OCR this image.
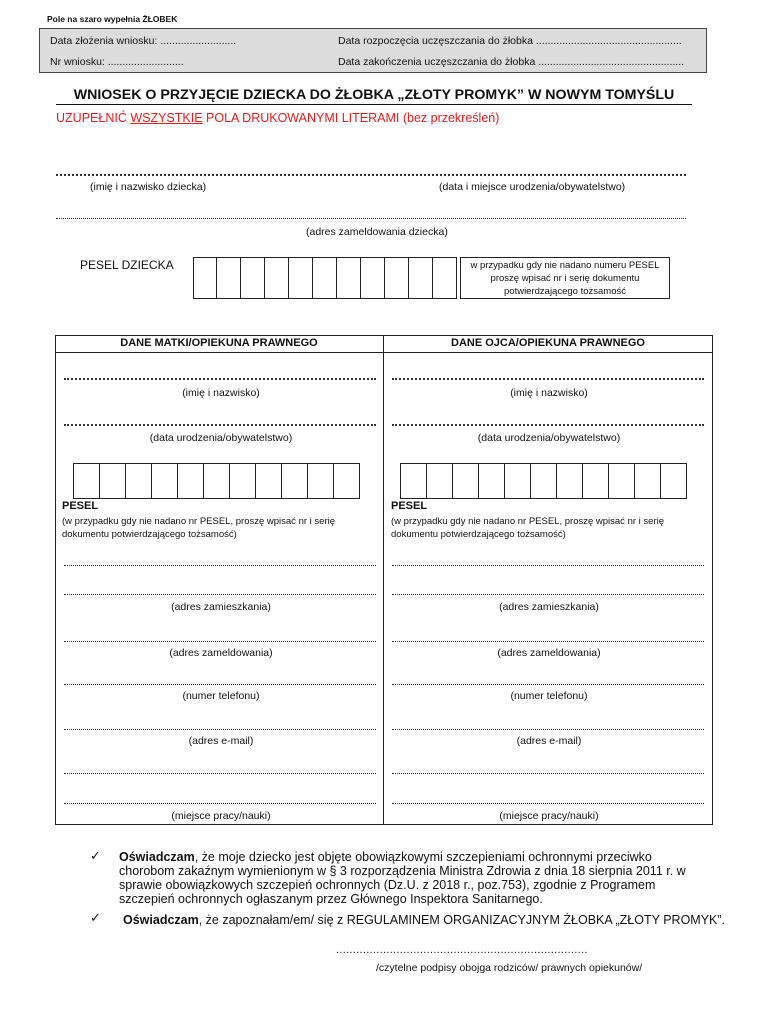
Pole na szaro wypełnia ŻŁOBEK
Data złożenia wniosku: ..........................	Data rozpoczęcia uczęszczania do żłobka ..................................................
Nr wniosku: ..........................	Data zakończenia uczęszczania do żłobka ..................................................
WNIOSEK O PRZYJĘCIE DZIECKA DO ŻŁOBKA „ZŁOTY PROMYK” W NOWYM TOMYŚLU
UZUPEŁNIĆ WSZYSTKIE POLA DRUKOWANYMI LITERAMI (bez przekreśleń)
(imię i nazwisko dziecka)	(data i miejsce urodzenia/obywatelstwo)
(adres zameldowania dziecka)
PESEL DZIECKA	w przypadku gdy nie nadano numeru PESEL proszę wpisać nr i serię dokumentu potwierdzającego tożsamość
DANE MATKI/OPIEKUNA PRAWNEGO	DANE OJCA/OPIEKUNA PRAWNEGO
(imię i nazwisko)
(data urodzenia/obywatelstwo)
PESEL
(w przypadku gdy nie nadano nr PESEL, proszę wpisać nr i serię dokumentu potwierdzającego tożsamość)
(adres zamieszkania)
(adres zameldowania)
(numer telefonu)
(adres e-mail)
(miejsce pracy/nauki)
(imię i nazwisko)
(data urodzenia/obywatelstwo)
PESEL
(w przypadku gdy nie nadano nr PESEL, proszę wpisać nr i serię dokumentu potwierdzającego tożsamość)
(adres zamieszkania)
(adres zameldowania)
(numer telefonu)
(adres e-mail)
(miejsce pracy/nauki)
✓ Oświadczam, że moje dziecko jest objęte obowiązkowymi szczepieniami ochronnymi przeciwko
chorobom zakaźnym wymienionym w § 3 rozporządzenia Ministra Zdrowia z dnia 18 sierpnia 2011 r. w
sprawie obowiązkowych szczepień ochronnych (Dz.U. z 2018 r., poz.753), zgodnie z Programem
szczepień ochronnych ogłaszanym przez Głównego Inspektora Sanitarnego.
✓ Oświadczam, że zapoznałam/em/ się z REGULAMINEM ORGANIZACYJNYM ŻŁOBKA „ZŁOTY PROMYK”.
...........................................................................
/czytelne podpisy obojga rodziców/ prawnych opiekunów/
